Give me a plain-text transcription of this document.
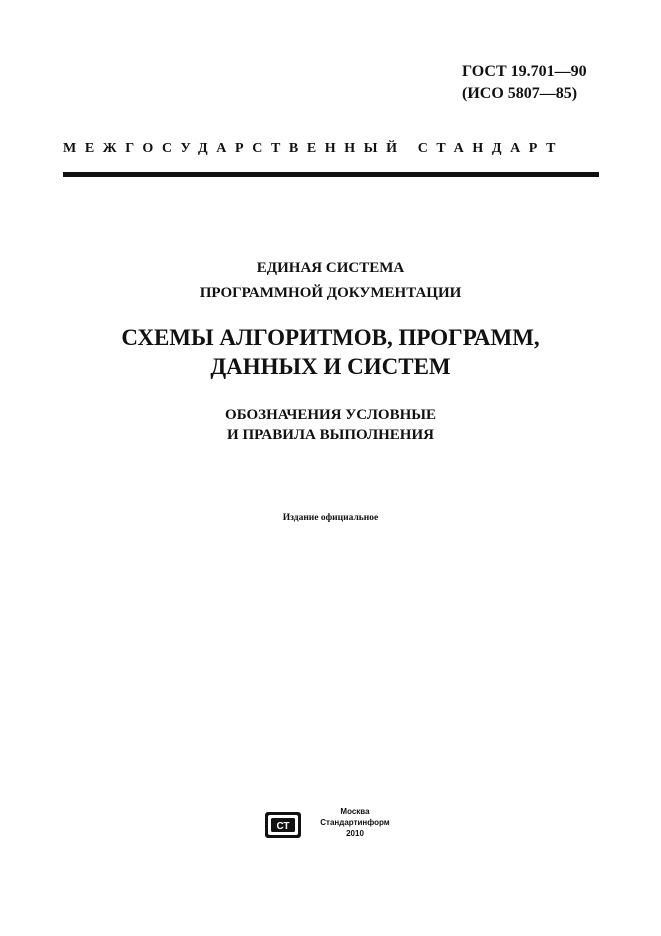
ГОСТ 19.701—90
(ИСО 5807—85)
МЕЖГОСУДАРСТВЕННЫЙ СТАНДАРТ
ЕДИНАЯ СИСТЕМА
ПРОГРАММНОЙ ДОКУМЕНТАЦИИ
СХЕМЫ АЛГОРИТМОВ, ПРОГРАММ,
ДАННЫХ И СИСТЕМ
ОБОЗНАЧЕНИЯ УСЛОВНЫЕ
И ПРАВИЛА ВЫПОЛНЕНИЯ
Издание официальное
СТ
Москва
Стандартинформ
2010
